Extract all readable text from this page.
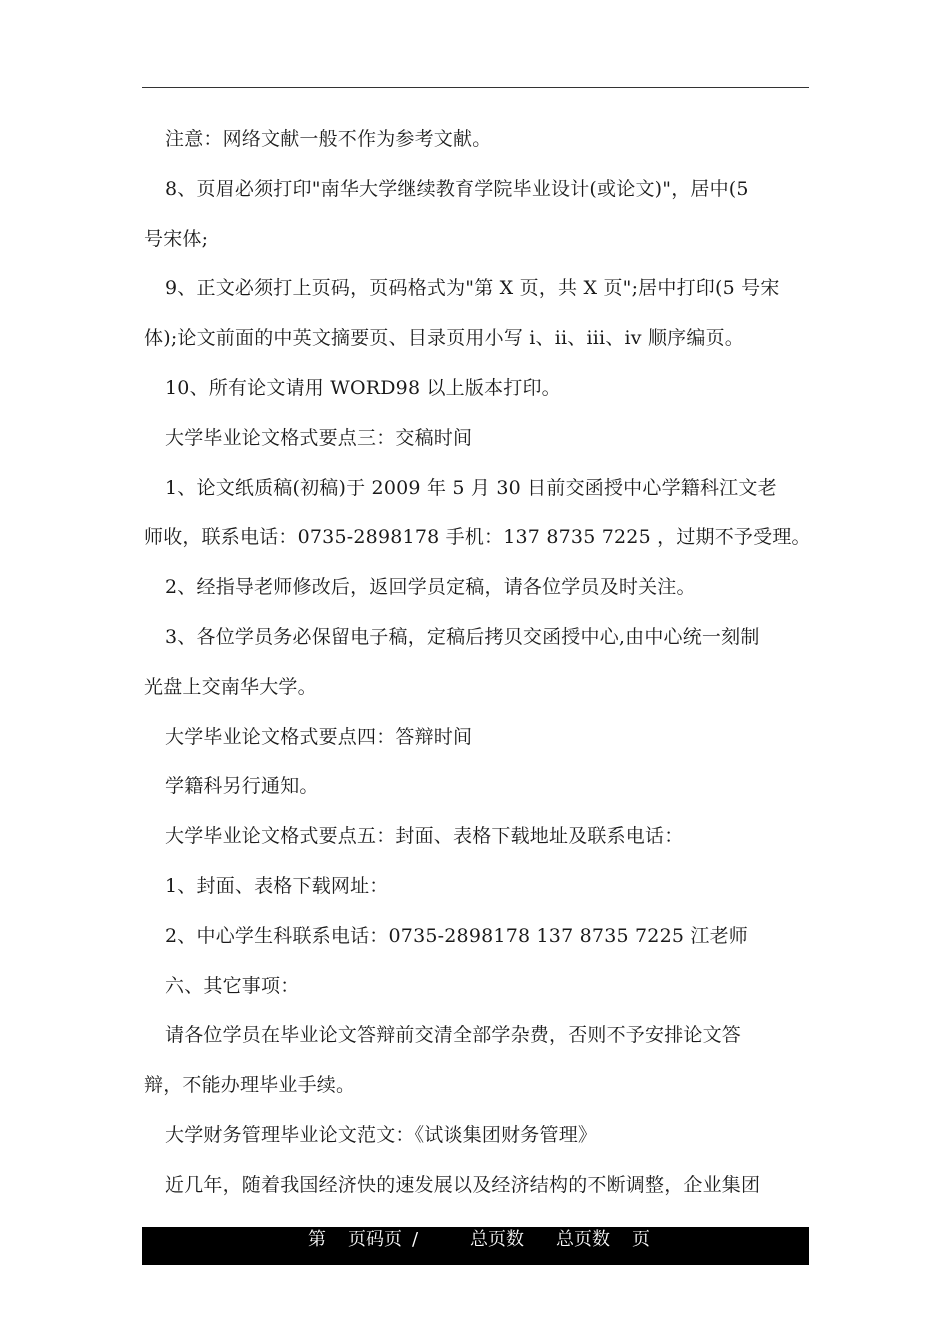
注意：网络文献一般不作为参考文献。
8、页眉必须打印"南华大学继续教育学院毕业设计(或论文)"，居中(5
号宋体;
9、正文必须打上页码，页码格式为"第 X 页，共 X 页";居中打印(5 号宋
体);论文前面的中英文摘要页、目录页用小写 i、ii、iii、iv 顺序编页。
10、所有论文请用 WORD98 以上版本打印。
大学毕业论文格式要点三：交稿时间
1、论文纸质稿(初稿)于 2009 年 5 月 30 日前交函授中心学籍科江文老
师收，联系电话：0735-2898178 手机：137 8735 7225 ，过期不予受理。
2、经指导老师修改后，返回学员定稿，请各位学员及时关注。
3、各位学员务必保留电子稿，定稿后拷贝交函授中心,由中心统一刻制
光盘上交南华大学。
大学毕业论文格式要点四：答辩时间
学籍科另行通知。
大学毕业论文格式要点五：封面、表格下载地址及联系电话：
1、封面、表格下载网址：
2、中心学生科联系电话：0735-2898178 137 8735 7225 江老师
六、其它事项：
请各位学员在毕业论文答辩前交清全部学杂费，否则不予安排论文答
辩，不能办理毕业手续。
大学财务管理毕业论文范文：《试谈集团财务管理》
近几年，随着我国经济快的速发展以及经济结构的不断调整，企业集团
第 页码页 /	总页数 总页数 页
